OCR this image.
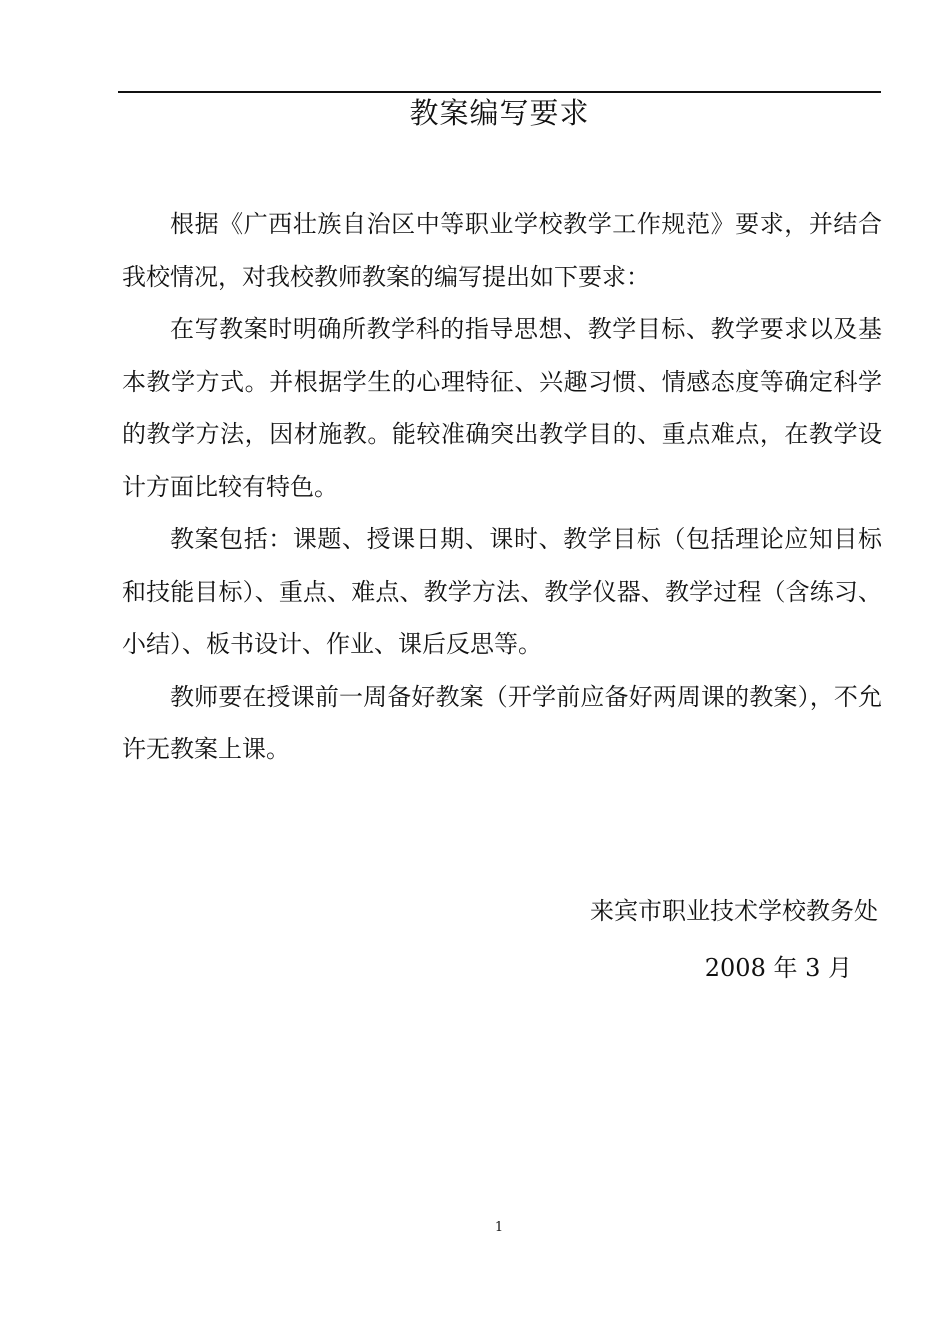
教案编写要求

根据《广西壮族自治区中等职业学校教学工作规范》要求，并结合我校情况，对我校教师教案的编写提出如下要求：

在写教案时明确所教学科的指导思想、教学目标、教学要求以及基本教学方式。并根据学生的心理特征、兴趣习惯、情感态度等确定科学的教学方法，因材施教。能较准确突出教学目的、重点难点，在教学设计方面比较有特色。

教案包括：课题、授课日期、课时、教学目标（包括理论应知目标和技能目标）、重点、难点、教学方法、教学仪器、教学过程（含练习、小结）、板书设计、作业、课后反思等。

教师要在授课前一周备好教案（开学前应备好两周课的教案），不允许无教案上课。

来宾市职业技术学校教务处
2008 年 3 月
1
